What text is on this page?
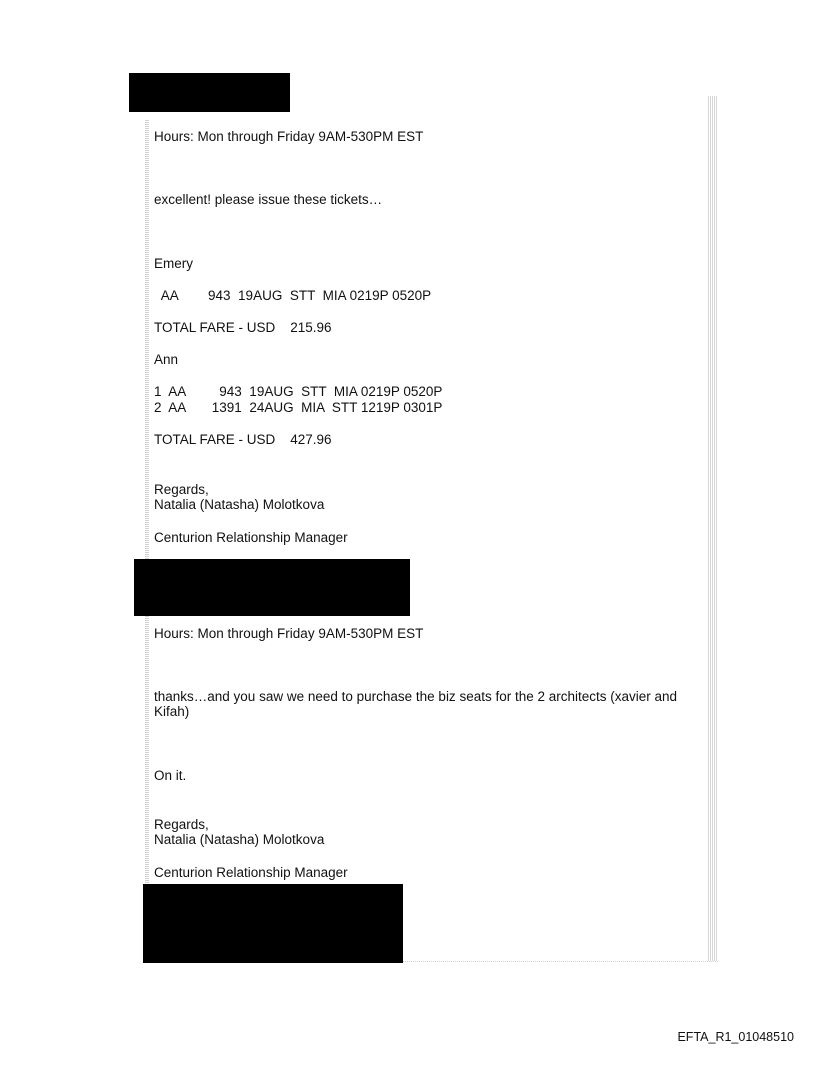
Hours: Mon through Friday 9AM-530PM EST
excellent! please issue these tickets…
Emery
AA        943  19AUG  STT  MIA 0219P 0520P
TOTAL FARE - USD    215.96
Ann
1  AA         943  19AUG  STT  MIA 0219P 0520P
2  AA       1391  24AUG  MIA  STT 1219P 0301P
TOTAL FARE - USD    427.96
Regards,
Natalia (Natasha) Molotkova
Centurion Relationship Manager
Hours: Mon through Friday 9AM-530PM EST
thanks…and you saw we need to purchase the biz seats for the 2 architects (xavier and Kifah)
On it.
Regards,
Natalia (Natasha) Molotkova
Centurion Relationship Manager
EFTA_R1_01048510
